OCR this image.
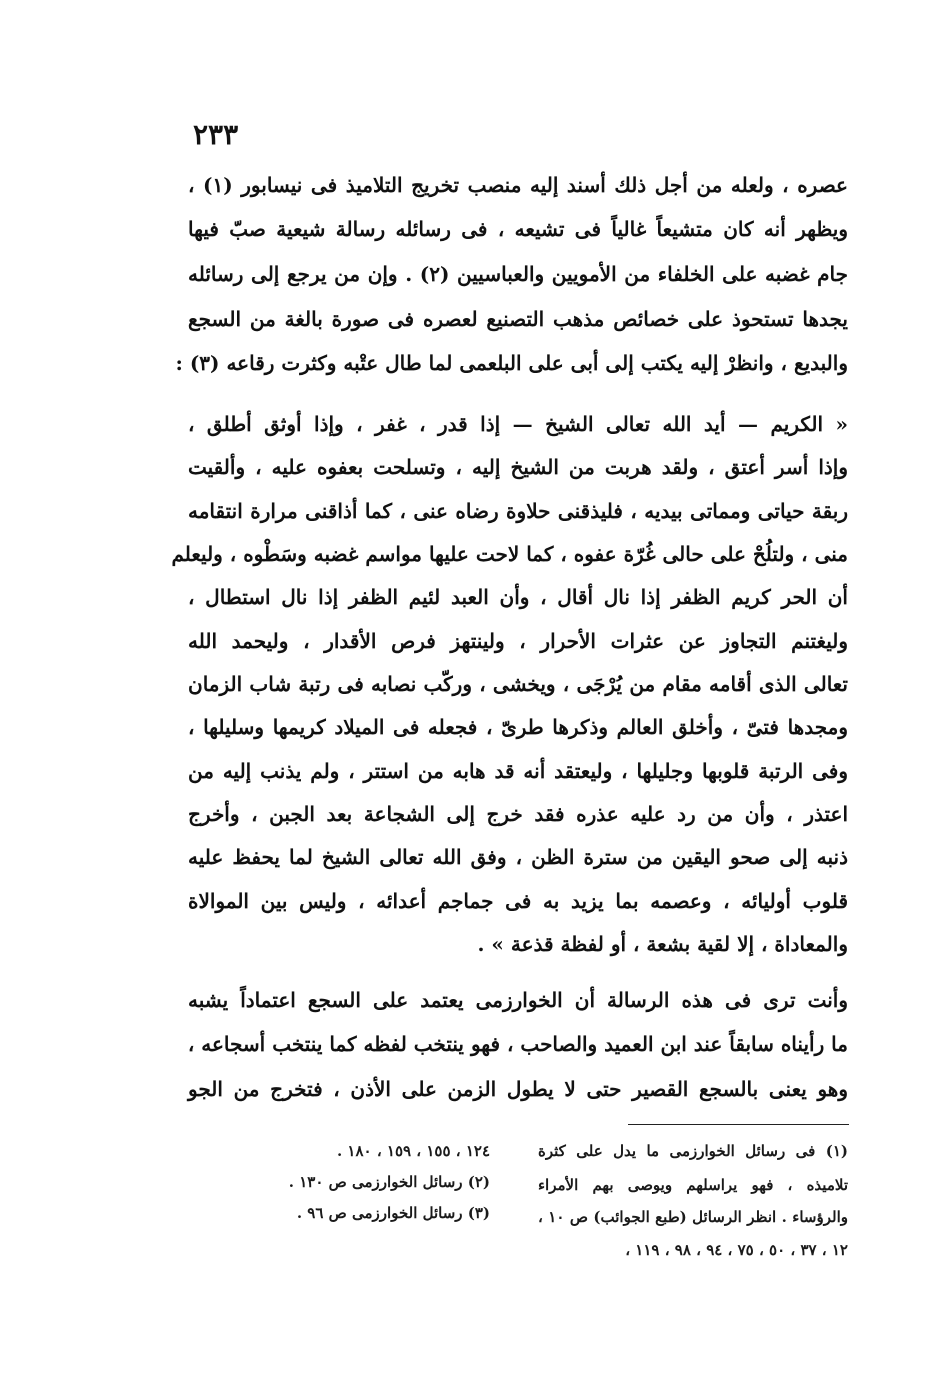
٢٣٣
عصره ، ولعله من أجل ذلك أسند إليه منصب تخريج التلاميذ فى نيسابور (١) ،
ويظهر أنه كان متشيعاً غالياً فى تشيعه ، فى رسائله رسالة شيعية صبّ فيها
جام غضبه على الخلفاء من الأمويين والعباسيين (٢) . وإن من يرجع إلى رسائله
يجدها تستحوذ على خصائص مذهب التصنيع لعصره فى صورة بالغة من السجع
والبديع ، وانظرْ إليه يكتب إلى أبى على البلعمى لما طال عتْبه وكثرت رقاعه (٣) :
« الكريم — أيد الله تعالى الشيخ — إذا قدر ، غفر ، وإذا أوثق أطلق ،
وإذا أسر أعتق ، ولقد هربت من الشيخ إليه ، وتسلحت بعفوه عليه ، وألقيت
ربقة حياتى ومماتى بيديه ، فليذقنى حلاوة رضاه عنى ، كما أذاقنى مرارة انتقامه
منى ، ولتلُحْ على حالى غُرّة عفوه ، كما لاحت عليها مواسم غضبه وسَطْوه ، وليعلم
أن الحر كريم الظفر إذا نال أقال ، وأن العبد لئيم الظفر إذا نال استطال ،
وليغتنم التجاوز عن عثرات الأحرار ، ولينتهز فرص الأقدار ، وليحمد الله
تعالى الذى أقامه مقام من يُرْجَى ، ويخشى ، وركّب نصابه فى رتبة شاب الزمان
ومجدها فتىّ ، وأخلق العالم وذكرها طرىّ ، فجعله فى الميلاد كريمها وسليلها ،
وفى الرتبة قلوبها وجليلها ، وليعتقد أنه قد هابه من استتر ، ولم يذنب إليه من
اعتذر ، وأن من رد عليه عذره فقد خرج إلى الشجاعة بعد الجبن ، وأخرج
ذنبه إلى صحو اليقين من سترة الظن ، وفق الله تعالى الشيخ لما يحفظ عليه
قلوب أوليائه ، وعصمه بما يزيد به فى جماجم أعدائه ، وليس بين الموالاة
والمعاداة ، إلا لقية بشعة ، أو لفظة قذعة » .
وأنت ترى فى هذه الرسالة أن الخوارزمى يعتمد على السجع اعتماداً يشبه
ما رأيناه سابقاً عند ابن العميد والصاحب ، فهو ينتخب لفظه كما ينتخب أسجاعه ،
وهو يعنى بالسجع القصير حتى لا يطول الزمن على الأذن ، فتخرج من الجو
(١) فى رسائل الخوارزمى ما يدل على كثرة
تلاميذه ، فهو يراسلهم ويوصى بهم الأمراء
والرؤساء . انظر الرسائل (طبع الجوائب) ص ١٠ ،
١٢ ، ٣٧ ، ٥٠ ، ٧٥ ، ٩٤ ، ٩٨ ، ١١٩ ،
١٢٤ ، ١٥٥ ، ١٥٩ ، ١٨٠ .
(٢) رسائل الخوارزمى ص ١٣٠ .
(٣) رسائل الخوارزمى ص ٩٦ .
